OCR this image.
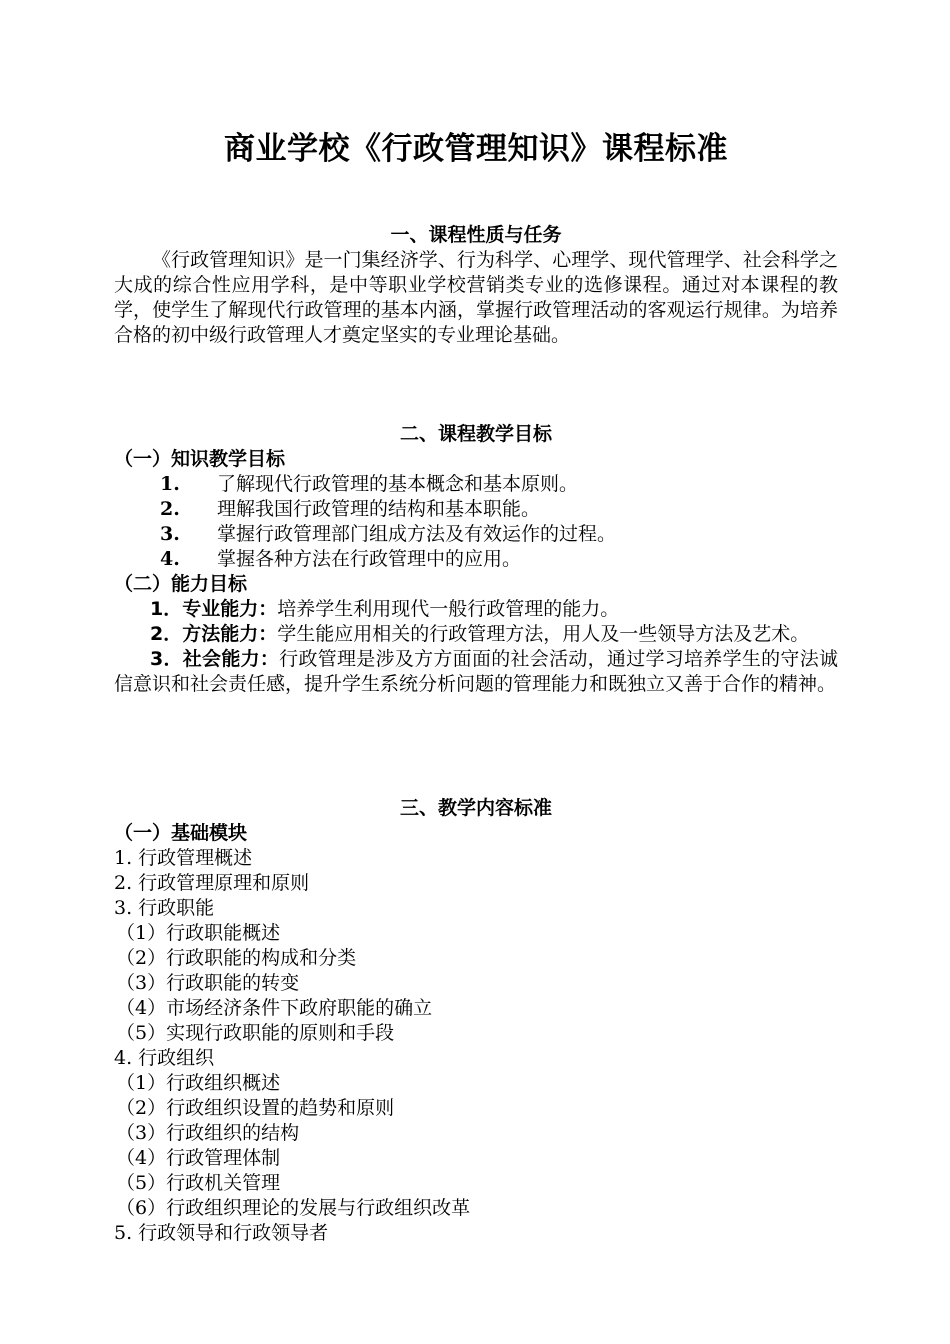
商业学校《行政管理知识》课程标准
一、课程性质与任务
《行政管理知识》是一门集经济学、行为科学、心理学、现代管理学、社会科学之大成的综合性应用学科，是中等职业学校营销类专业的选修课程。通过对本课程的教学，使学生了解现代行政管理的基本内涵，掌握行政管理活动的客观运行规律。为培养合格的初中级行政管理人才奠定坚实的专业理论基础。
二、课程教学目标
（一）知识教学目标
1. 了解现代行政管理的基本概念和基本原则。
2. 理解我国行政管理的结构和基本职能。
3. 掌握行政管理部门组成方法及有效运作的过程。
4. 掌握各种方法在行政管理中的应用。
（二）能力目标
1．专业能力：培养学生利用现代一般行政管理的能力。
2．方法能力：学生能应用相关的行政管理方法，用人及一些领导方法及艺术。
3．社会能力：行政管理是涉及方方面面的社会活动，通过学习培养学生的守法诚信意识和社会责任感，提升学生系统分析问题的管理能力和既独立又善于合作的精神。
三、教学内容标准
（一）基础模块
1. 行政管理概述
2. 行政管理原理和原则
3. 行政职能
（1）行政职能概述
（2）行政职能的构成和分类
（3）行政职能的转变
（4）市场经济条件下政府职能的确立
（5）实现行政职能的原则和手段
4. 行政组织
（1）行政组织概述
（2）行政组织设置的趋势和原则
（3）行政组织的结构
（4）行政管理体制
（5）行政机关管理
（6）行政组织理论的发展与行政组织改革
5. 行政领导和行政领导者
